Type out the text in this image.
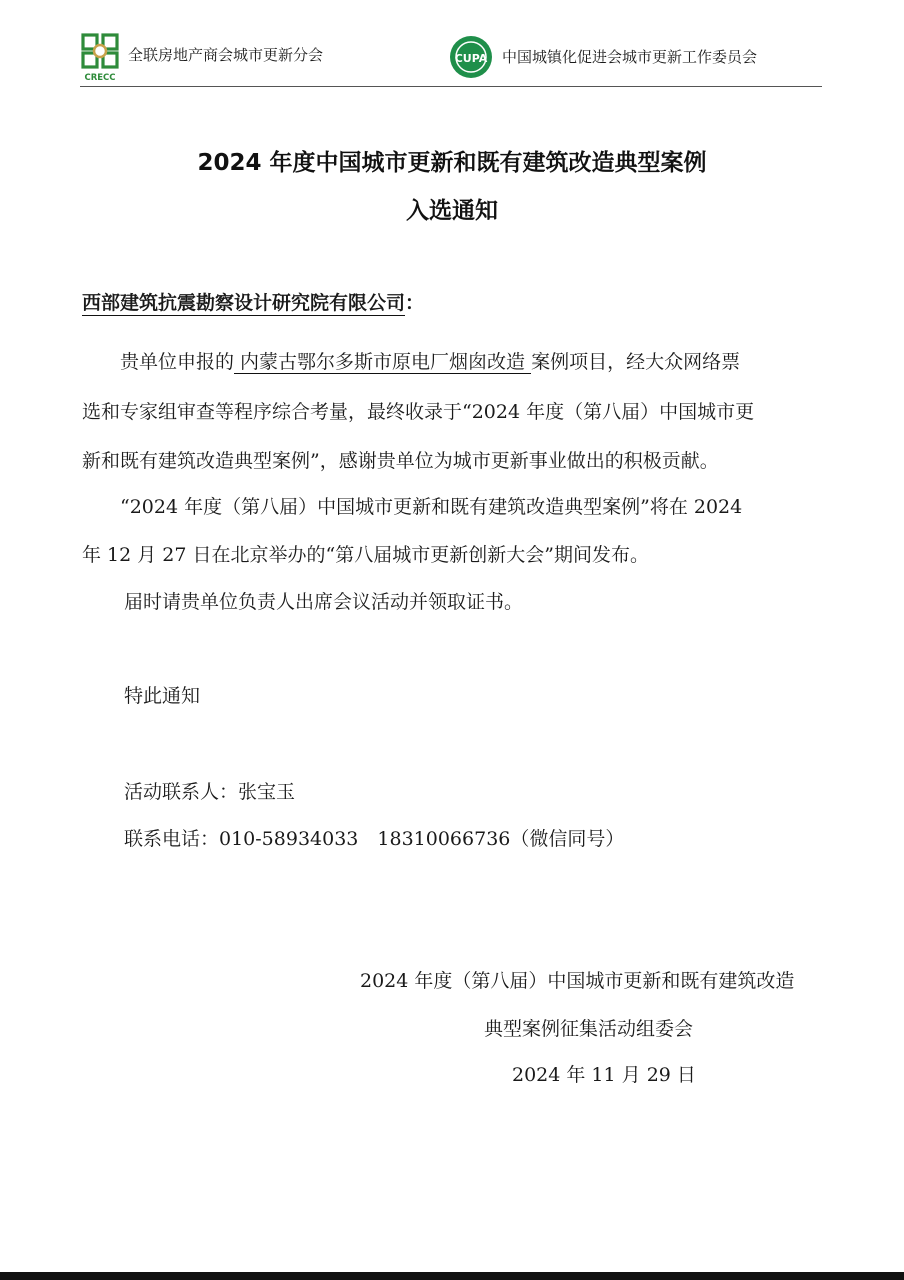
CRECC
全联房地产商会城市更新分会	CUPA 中国城镇化促进会城市更新工作委员会
2024 年度中国城市更新和既有建筑改造典型案例
入选通知
西部建筑抗震勘察设计研究院有限公司：
贵单位申报的 内蒙古鄂尔多斯市原电厂烟囱改造 案例项目，经大众网络票
选和专家组审查等程序综合考量，最终收录于“2024 年度（第八届）中国城市更
新和既有建筑改造典型案例”，感谢贵单位为城市更新事业做出的积极贡献。
“2024 年度（第八届）中国城市更新和既有建筑改造典型案例”将在 2024
年 12 月 27 日在北京举办的“第八届城市更新创新大会”期间发布。
届时请贵单位负责人出席会议活动并领取证书。
特此通知
活动联系人：张宝玉
联系电话：010-58934033　18310066736（微信同号）
2024 年度（第八届）中国城市更新和既有建筑改造
典型案例征集活动组委会
2024 年 11 月 29 日
